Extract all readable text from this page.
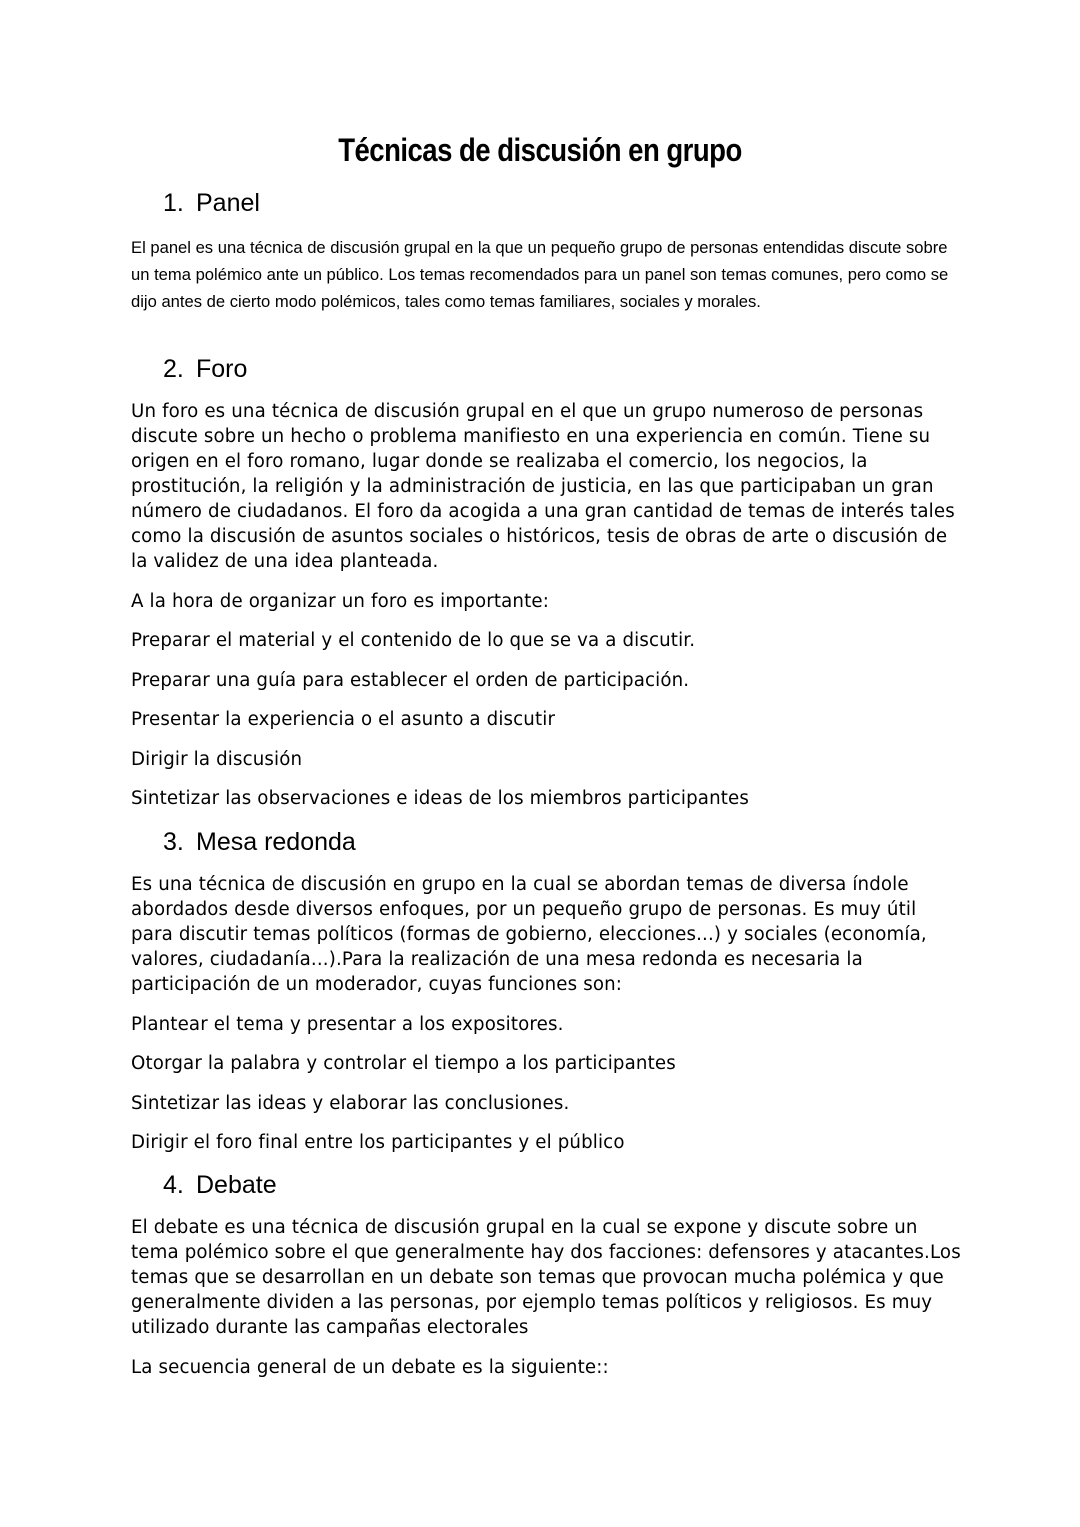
Técnicas de discusión en grupo
1. Panel

El panel es una técnica de discusión grupal en la que un pequeño grupo de personas entendidas discute sobre un tema polémico ante un público. Los temas recomendados para un panel son temas comunes, pero como se dijo antes de cierto modo polémicos, tales como temas familiares, sociales y morales.

2. Foro

Un foro es una técnica de discusión grupal en el que un grupo numeroso de personas discute sobre un hecho o problema manifiesto en una experiencia en común. Tiene su origen en el foro romano, lugar donde se realizaba el comercio, los negocios, la prostitución, la religión y la administración de justicia, en las que participaban un gran número de ciudadanos. El foro da acogida a una gran cantidad de temas de interés tales como la discusión de asuntos sociales o históricos, tesis de obras de arte o discusión de la validez de una idea planteada.

A la hora de organizar un foro es importante:

Preparar el material y el contenido de lo que se va a discutir.

Preparar una guía para establecer el orden de participación.

Presentar la experiencia o el asunto a discutir

Dirigir la discusión

Sintetizar las observaciones e ideas de los miembros participantes

3. Mesa redonda

Es una técnica de discusión en grupo en la cual se abordan temas de diversa índole abordados desde diversos enfoques, por un pequeño grupo de personas. Es muy útil para discutir temas políticos (formas de gobierno, elecciones...) y sociales (economía, valores, ciudadanía...).Para la realización de una mesa redonda es necesaria la participación de un moderador, cuyas funciones son:

Plantear el tema y presentar a los expositores.

Otorgar la palabra y controlar el tiempo a los participantes

Sintetizar las ideas y elaborar las conclusiones.

Dirigir el foro final entre los participantes y el público

4. Debate

El debate es una técnica de discusión grupal en la cual se expone y discute sobre un tema polémico sobre el que generalmente hay dos facciones: defensores y atacantes.Los temas que se desarrollan en un debate son temas que provocan mucha polémica y que generalmente dividen a las personas, por ejemplo temas políticos y religiosos. Es muy utilizado durante las campañas electorales

La secuencia general de un debate es la siguiente::
